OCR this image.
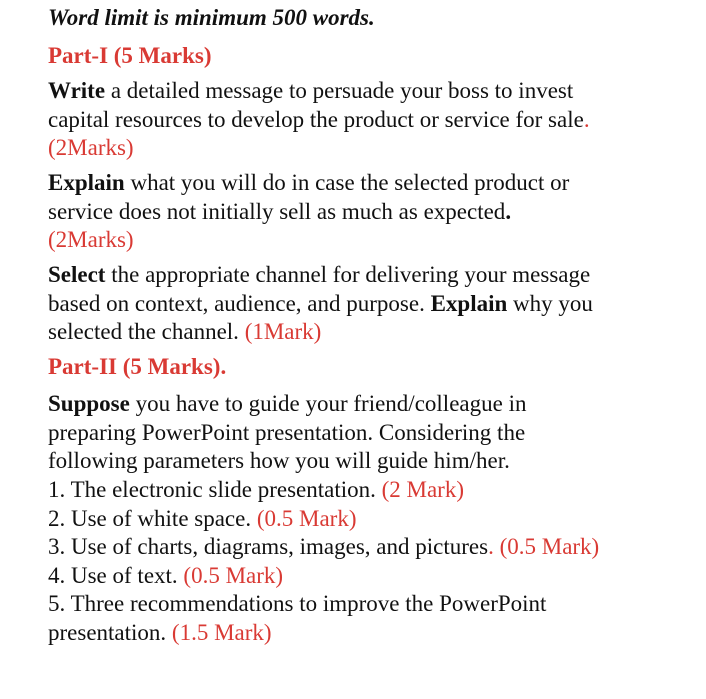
Word limit is minimum 500 words.

Part-I (5 Marks)

Write a detailed message to persuade your boss to invest

capital resources to develop the product or service for sale.

(2Marks)

Explain what you will do in case the selected product or

service does not initially sell as much as expected.

(2Marks)

Select the appropriate channel for delivering your message

based on context, audience, and purpose. Explain why you

selected the channel. (1Mark)

Part-II (5 Marks).

Suppose you have to guide your friend/colleague in

preparing PowerPoint presentation. Considering the

following parameters how you will guide him/her.

1. The electronic slide presentation. (2 Mark)

2. Use of white space. (0.5 Mark)

3. Use of charts, diagrams, images, and pictures. (0.5 Mark)

4. Use of text. (0.5 Mark)

5. Three recommendations to improve the PowerPoint

presentation. (1.5 Mark)
